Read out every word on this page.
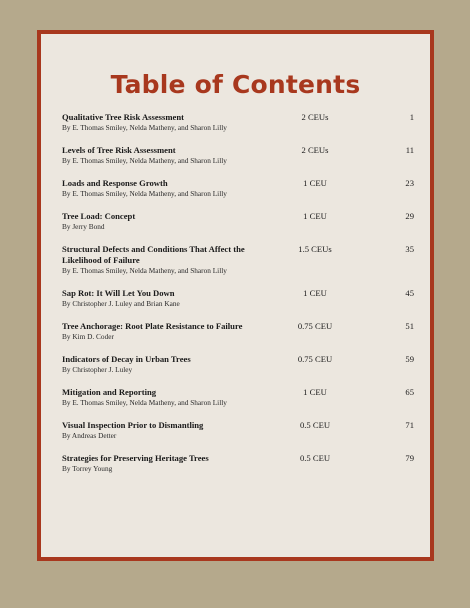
Table of Contents
Qualitative Tree Risk Assessment
By E. Thomas Smiley, Nelda Matheny, and Sharon Lilly
2 CEUs	1
Levels of Tree Risk Assessment
By E. Thomas Smiley, Nelda Matheny, and Sharon Lilly
2 CEUs	11
Loads and Response Growth
By E. Thomas Smiley, Nelda Matheny, and Sharon Lilly
1 CEU	23
Tree Load: Concept
By Jerry Bond
1 CEU	29
Structural Defects and Conditions That Affect the Likelihood of Failure
By E. Thomas Smiley, Nelda Matheny, and Sharon Lilly
1.5 CEUs	35
Sap Rot: It Will Let You Down
By Christopher J. Luley and Brian Kane
1 CEU	45
Tree Anchorage: Root Plate Resistance to Failure
By Kim D. Coder
0.75 CEU	51
Indicators of Decay in Urban Trees
By Christopher J. Luley
0.75 CEU	59
Mitigation and Reporting
By E. Thomas Smiley, Nelda Matheny, and Sharon Lilly
1 CEU	65
Visual Inspection Prior to Dismantling
By Andreas Detter
0.5 CEU	71
Strategies for Preserving Heritage Trees
By Torrey Young
0.5 CEU	79
